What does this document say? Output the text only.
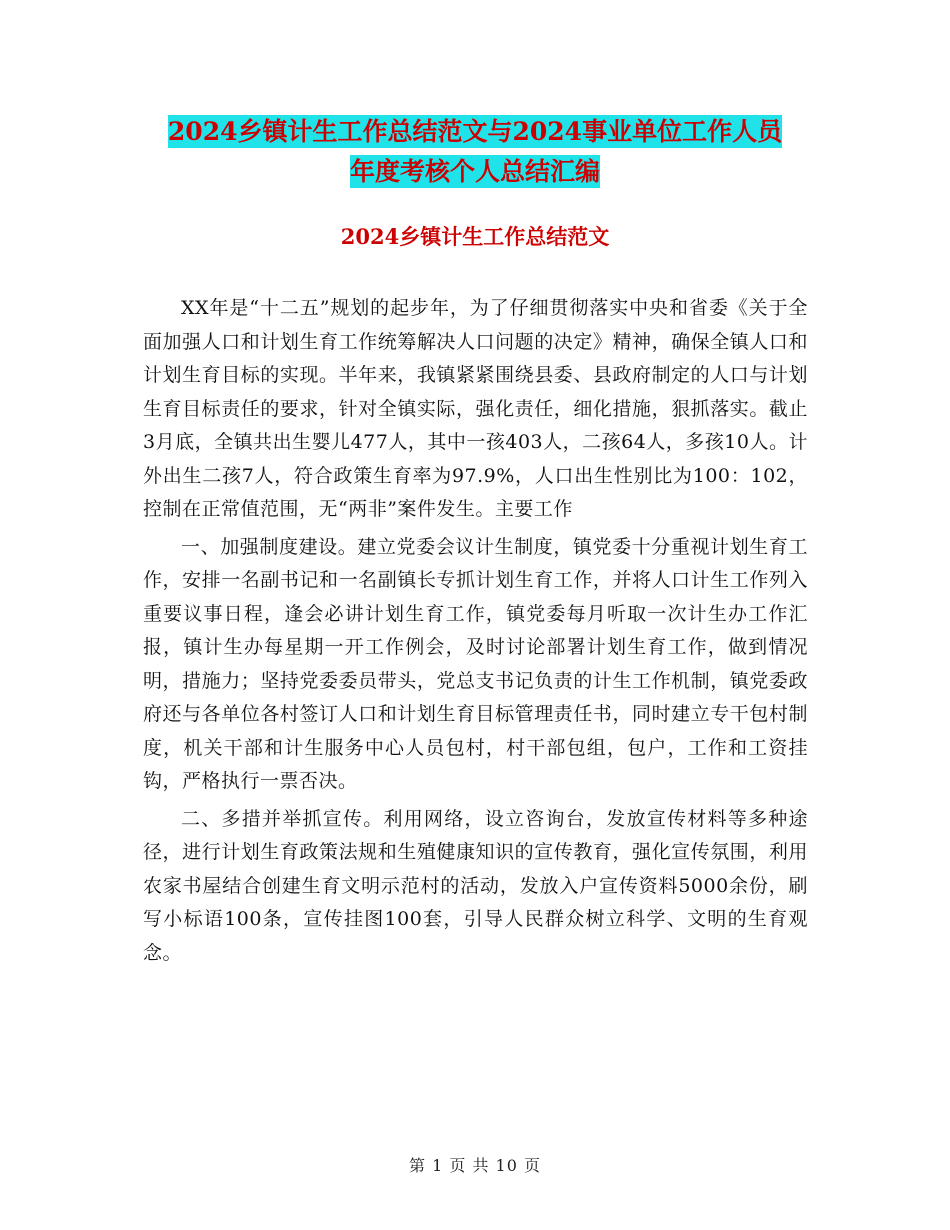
2024乡镇计生工作总结范文与2024事业单位工作人员
年度考核个人总结汇编
2024乡镇计生工作总结范文

XX年是“十二五”规划的起步年，为了仔细贯彻落实中央和省委《关于全面加强人口和计划生育工作统筹解决人口问题的决定》精神，确保全镇人口和计划生育目标的实现。半年来，我镇紧紧围绕县委、县政府制定的人口与计划生育目标责任的要求，针对全镇实际，强化责任，细化措施，狠抓落实。截止3月底，全镇共出生婴儿477人，其中一孩403人，二孩64人，多孩10人。计外出生二孩7人，符合政策生育率为97.9%，人口出生性别比为100：102，控制在正常值范围，无“两非”案件发生。主要工作

一、加强制度建设。建立党委会议计生制度，镇党委十分重视计划生育工作，安排一名副书记和一名副镇长专抓计划生育工作，并将人口计生工作列入重要议事日程，逢会必讲计划生育工作，镇党委每月听取一次计生办工作汇报，镇计生办每星期一开工作例会，及时讨论部署计划生育工作，做到情况明，措施力；坚持党委委员带头，党总支书记负责的计生工作机制，镇党委政府还与各单位各村签订人口和计划生育目标管理责任书，同时建立专干包村制度，机关干部和计生服务中心人员包村，村干部包组，包户，工作和工资挂钩，严格执行一票否决。

二、多措并举抓宣传。利用网络，设立咨询台，发放宣传材料等多种途径，进行计划生育政策法规和生殖健康知识的宣传教育，强化宣传氛围，利用农家书屋结合创建生育文明示范村的活动，发放入户宣传资料5000余份，刷写小标语100条，宣传挂图100套，引导人民群众树立科学、文明的生育观念。

第 1 页 共 10 页
